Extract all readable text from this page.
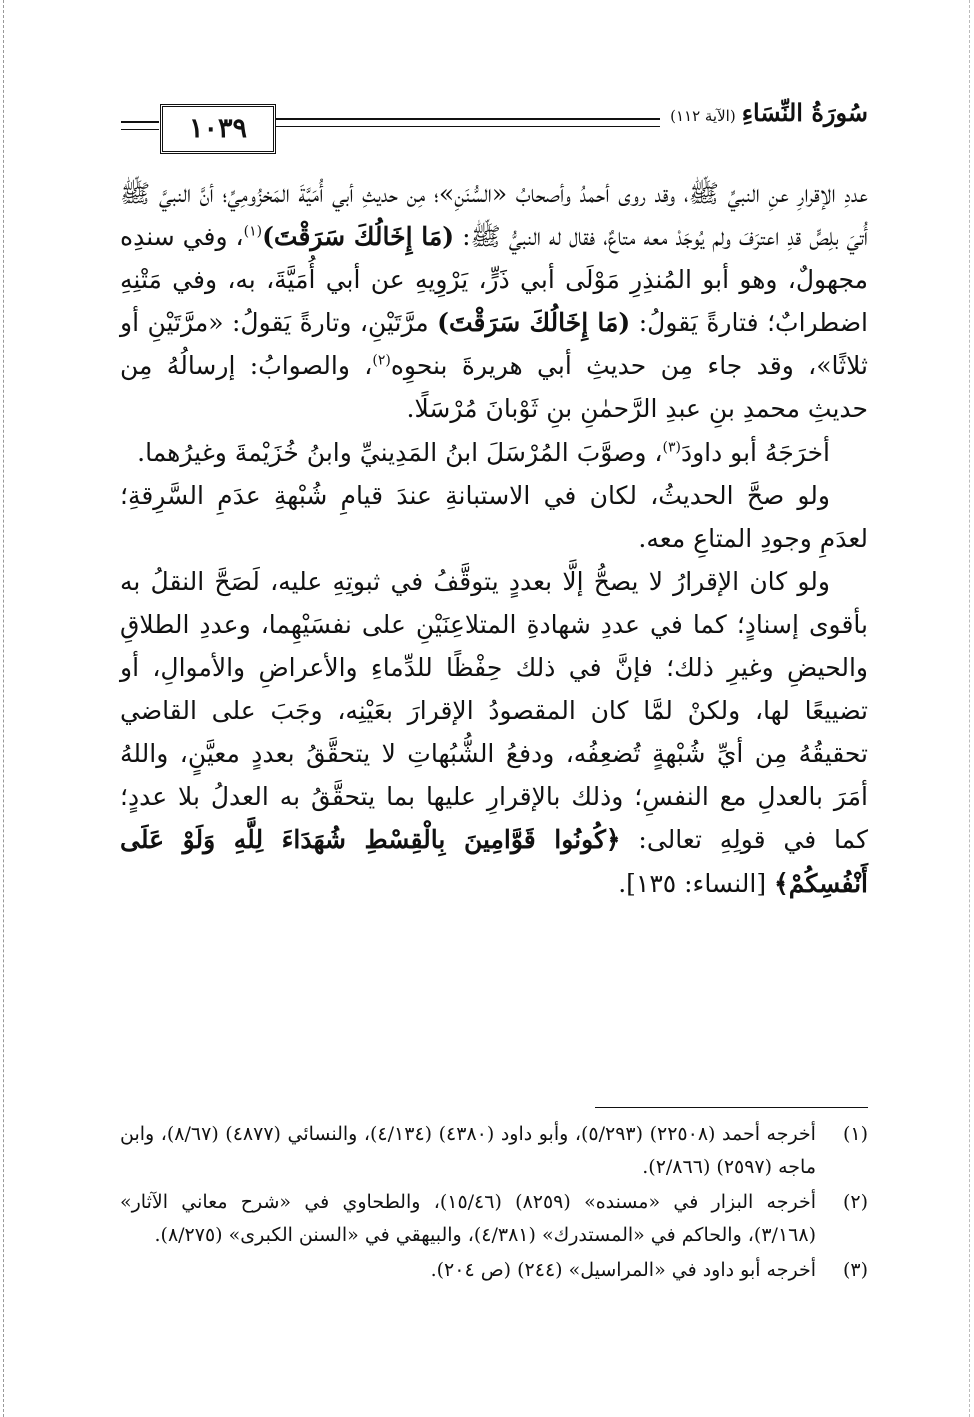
١٠٣٩
سُورَةُ النِّسَاءِ (الآية ١١٢)

عددِ الإقرارِ عنِ النبيِّ ﷺ، وقد روى أحمدُ وأصحابُ «السُّنَنِ»؛ مِن حديثِ أبي أُمَيَّةَ المَخزُومِيِّ؛ أنَّ النبيَّ ﷺ أُتيَ بلِصٍّ قدِ اعترَفَ ولم يُوجَدْ معه متاعٌ، فقال له النبيُّ ﷺ: (مَا إِخَالُكَ سَرَقْتَ)$^{(١)}$، وفي سندِه مجهولٌ، وهو أبو المُنذِرِ مَوْلَى أبي ذَرٍّ، يَرْوِيهِ عن أبي أُمَيَّةَ، به، وفي مَتْنِهِ اضطرابٌ؛ فتارةً يَقولُ: (مَا إِخَالُكَ سَرَقْتَ) مرَّتَيْنِ، وتارةً يَقولُ: «مرَّتَيْنِ أو ثلاثًا»، وقد جاء مِن حديثِ أبي هريرةَ بنحوِه$^{(٢)}$، والصوابُ: إرسالُهُ مِن حديثِ محمدِ بنِ عبدِ الرَّحمٰنِ بنِ ثَوْبانَ مُرْسَلًا.

أخرَجَهُ أبو داودَ$^{(٣)}$، وصوَّبَ المُرْسَلَ ابنُ المَدِينيِّ وابنُ خُزَيْمةَ وغيرُهما.

ولو صحَّ الحديثُ، لكان في الاستبانةِ عندَ قيامِ شُبْهةِ عدَمِ السَّرِقةِ؛ لعدَمِ وجودِ المتاعِ معه.

ولو كان الإقرارُ لا يصحُّ إلَّا بعددٍ يتوقَّفُ في ثبوتِهِ عليه، لَصَحَّ النقلُ به بأقوى إسنادٍ؛ كما في عددِ شهادةِ المتلاعِنَيْنِ على نفسَيْهِما، وعددِ الطلاقِ والحيضِ وغيرِ ذلك؛ فإنَّ في ذلك حِفْظًا للدِّماءِ والأعراضِ والأموالِ، أو تضييعًا لها، ولكنْ لمَّا كان المقصودُ الإقرارَ بعَيْنِه، وجَبَ على القاضي تحقيقُهُ مِن أيِّ شُبْهةٍ تُضعِفُه، ودفعُ الشُّبُهاتِ لا يتحقَّقُ بعددٍ معيَّنٍ، واللهُ أمَرَ بالعدلِ مع النفسِ؛ وذلك بالإقرارِ عليها بما يتحقَّقُ به العدلُ بلا عددٍ؛ كما في قولِهِ تعالى: ﴿كُونُوا قَوَّامِينَ بِالْقِسْطِ شُهَدَاءَ لِلَّهِ وَلَوْ عَلَى أَنْفُسِكُمْ﴾ [النساء: ١٣٥].

(١)
أخرجه أحمد (٢٢٥٠٨) (٥/٢٩٣)، وأبو داود (٤٣٨٠) (٤/١٣٤)، والنسائي (٤٨٧٧) (٨/٦٧)، وابن ماجه (٢٥٩٧) (٢/٨٦٦).
(٢)
أخرجه البزار في «مسنده» (٨٢٥٩) (١٥/٤٦)، والطحاوي في «شرح معاني الآثار» (٣/١٦٨)، والحاكم في «المستدرك» (٤/٣٨١)، والبيهقي في «السنن الكبرى» (٨/٢٧٥).
(٣)
أخرجه أبو داود في «المراسيل» (٢٤٤) (ص ٢٠٤).
